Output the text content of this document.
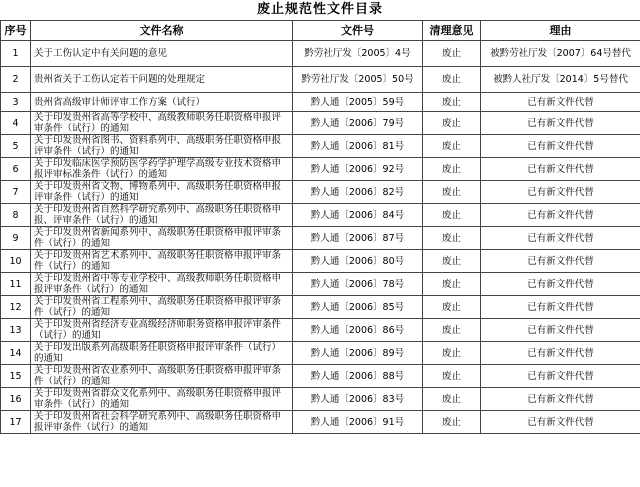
废止规范性文件目录
序号	文件名称	文件号	清理意见	理由
1	关于工伤认定中有关问题的意见	黔劳社厅发〔2005〕4号	废止	被黔劳社厅发〔2007〕64号替代
2	贵州省关于工伤认定若干问题的处理规定	黔劳社厅发〔2005〕50号	废止	被黔人社厅发〔2014〕5号替代
3	贵州省高级审计师评审工作方案（试行）	黔人通〔2005〕59号	废止	已有新文件代替
4	关于印发贵州省高等学校中、高级教师职务任职资格申报评审条件（试行）的通知	黔人通〔2006〕79号	废止	已有新文件代替
5	关于印发贵州省图书、资料系列中、高级职务任职资格申报评审条件（试行）的通知	黔人通〔2006〕81号	废止	已有新文件代替
6	关于印发临床医学预防医学药学护理学高级专业技术资格申报评审标准条件（试行）的通知	黔人通〔2006〕92号	废止	已有新文件代替
7	关于印发贵州省文物、博物系列中、高级职务任职资格申报评审条件（试行）的通知	黔人通〔2006〕82号	废止	已有新文件代替
8	关于印发贵州省自然科学研究系列中、高级职务任职资格申报、评审条件（试行）的通知	黔人通〔2006〕84号	废止	已有新文件代替
9	关于印发贵州省新闻系列中、高级职务任职资格申报评审条件（试行）的通知	黔人通〔2006〕87号	废止	已有新文件代替
10	关于印发贵州省艺术系列中、高级职务任职资格申报评审条件（试行）的通知	黔人通〔2006〕80号	废止	已有新文件代替
11	关于印发贵州省中等专业学校中、高级教师职务任职资格申报评审条件（试行）的通知	黔人通〔2006〕78号	废止	已有新文件代替
12	关于印发贵州省工程系列中、高级职务任职资格申报评审条件（试行）的通知	黔人通〔2006〕85号	废止	已有新文件代替
13	关于印发贵州省经济专业高级经济师职务资格申报评审条件（试行）的通知	黔人通〔2006〕86号	废止	已有新文件代替
14	关于印发出版系列高级职务任职资格申报评审条件（试行）的通知	黔人通〔2006〕89号	废止	已有新文件代替
15	关于印发贵州省农业系列中、高级职务任职资格申报评审条件（试行）的通知	黔人通〔2006〕88号	废止	已有新文件代替
16	关于印发贵州省群众文化系列中、高级职务任职资格申报评审条件（试行）的通知	黔人通〔2006〕83号	废止	已有新文件代替
17	关于印发贵州省社会科学研究系列中、高级职务任职资格申报评审条件（试行）的通知	黔人通〔2006〕91号	废止	已有新文件代替
